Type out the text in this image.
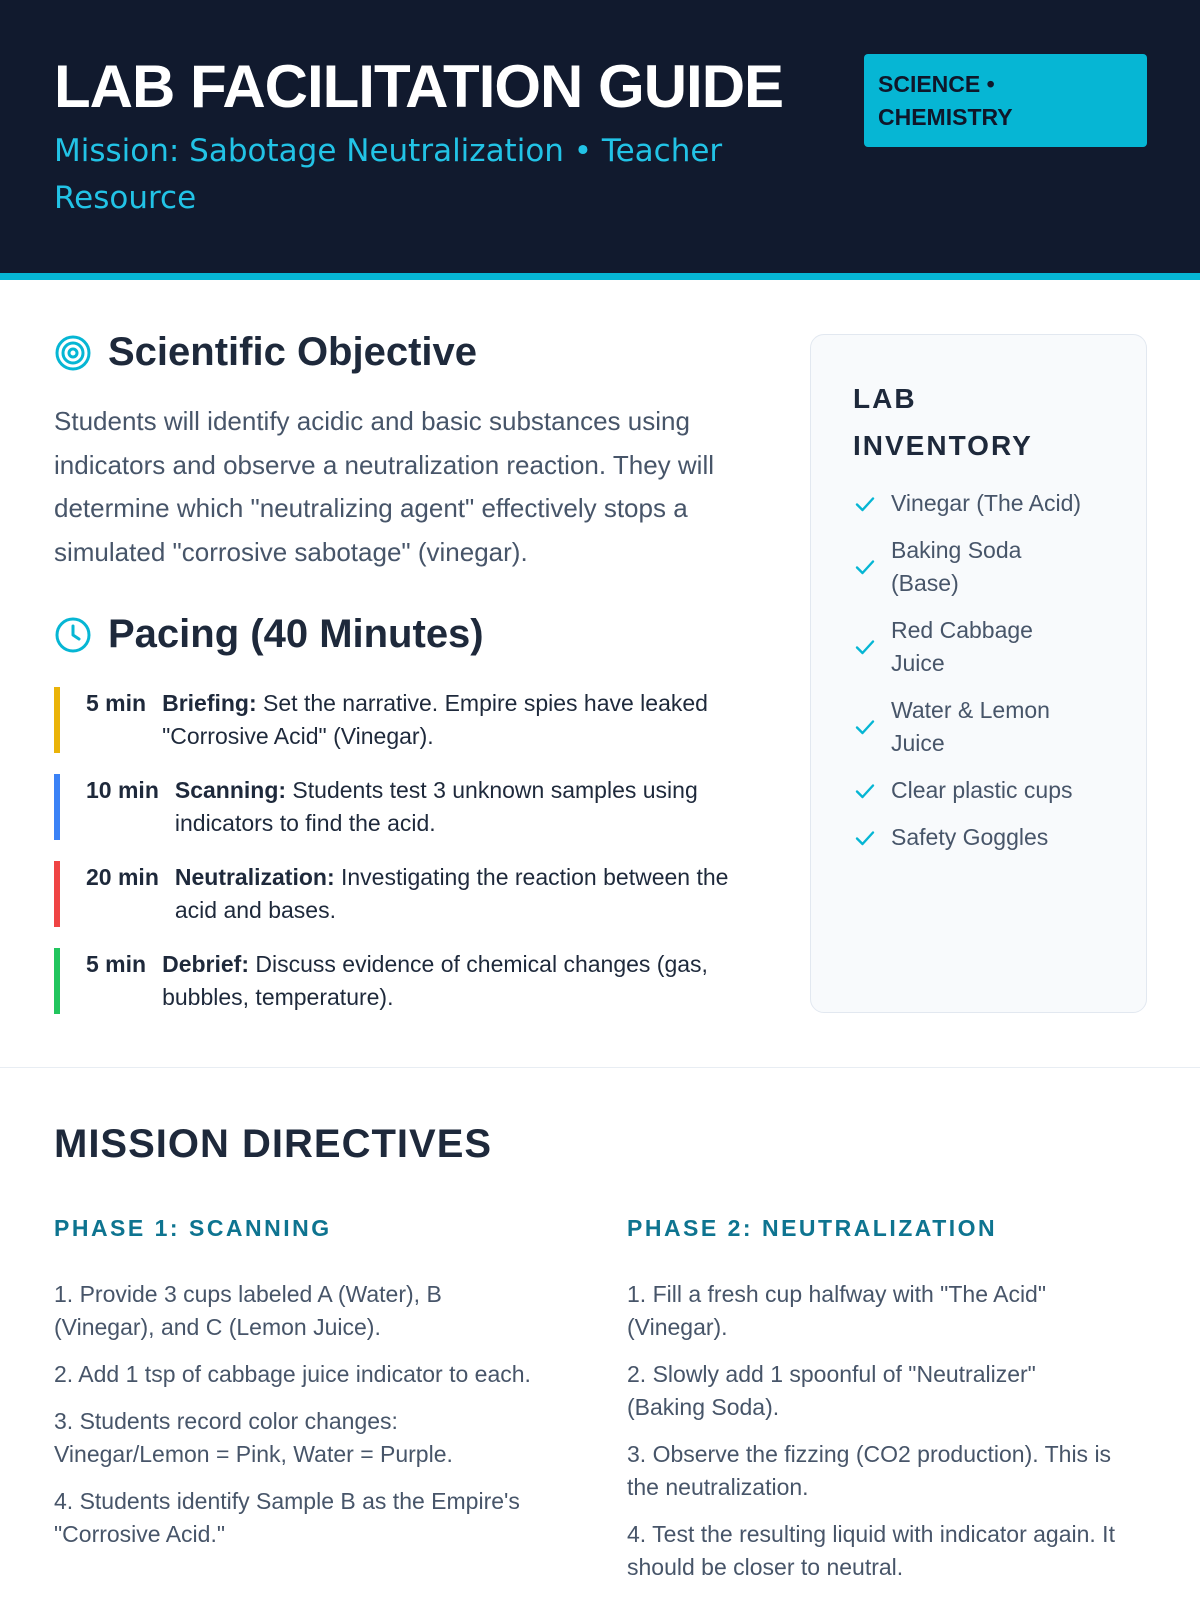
LAB FACILITATION GUIDE
Mission: Sabotage Neutralization • Teacher Resource
SCIENCE • CHEMISTRY
Scientific Objective
Students will identify acidic and basic substances using indicators and observe a neutralization reaction. They will determine which "neutralizing agent" effectively stops a simulated "corrosive sabotage" (vinegar).
Pacing (40 Minutes)
5 min Briefing: Set the narrative. Empire spies have leaked "Corrosive Acid" (Vinegar).
10 min Scanning: Students test 3 unknown samples using indicators to find the acid.
20 min Neutralization: Investigating the reaction between the acid and bases.
5 min Debrief: Discuss evidence of chemical changes (gas, bubbles, temperature).
LAB INVENTORY
Vinegar (The Acid)
Baking Soda (Base)
Red Cabbage Juice
Water & Lemon Juice
Clear plastic cups
Safety Goggles
MISSION DIRECTIVES
PHASE 1: SCANNING
1. Provide 3 cups labeled A (Water), B (Vinegar), and C (Lemon Juice).
2. Add 1 tsp of cabbage juice indicator to each.
3. Students record color changes: Vinegar/Lemon = Pink, Water = Purple.
4. Students identify Sample B as the Empire's "Corrosive Acid."
PHASE 2: NEUTRALIZATION
1. Fill a fresh cup halfway with "The Acid" (Vinegar).
2. Slowly add 1 spoonful of "Neutralizer" (Baking Soda).
3. Observe the fizzing (CO2 production). This is the neutralization.
4. Test the resulting liquid with indicator again. It should be closer to neutral.
